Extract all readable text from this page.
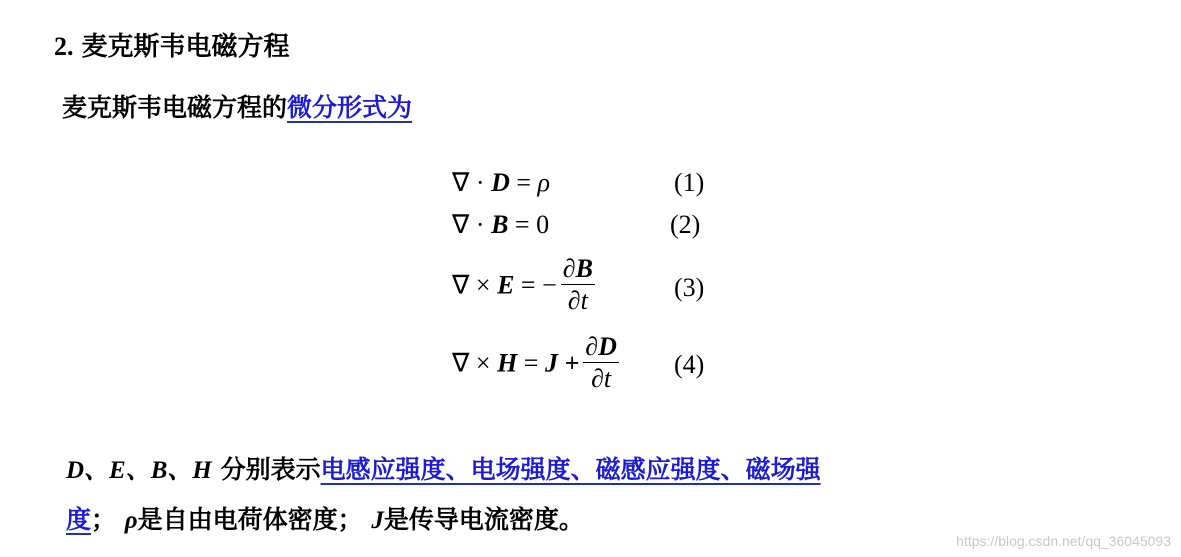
2. 麦克斯韦电磁方程
麦克斯韦电磁方程的微分形式为
∇ · D = ρ	(1)
∇ · B = 0	(2)
∇ × E = − $\frac{\partial B}{\partial t}$	(3)
∇ × $H = J + \frac{\partial D}{\partial t} (4)$
D、E、B、H 分别表示电感应强度、电场强度、磁感应强度、磁场强
度； ρ是自由电荷体密度； J是传导电流密度。
https://blog.csdn.net/qq_36045093
